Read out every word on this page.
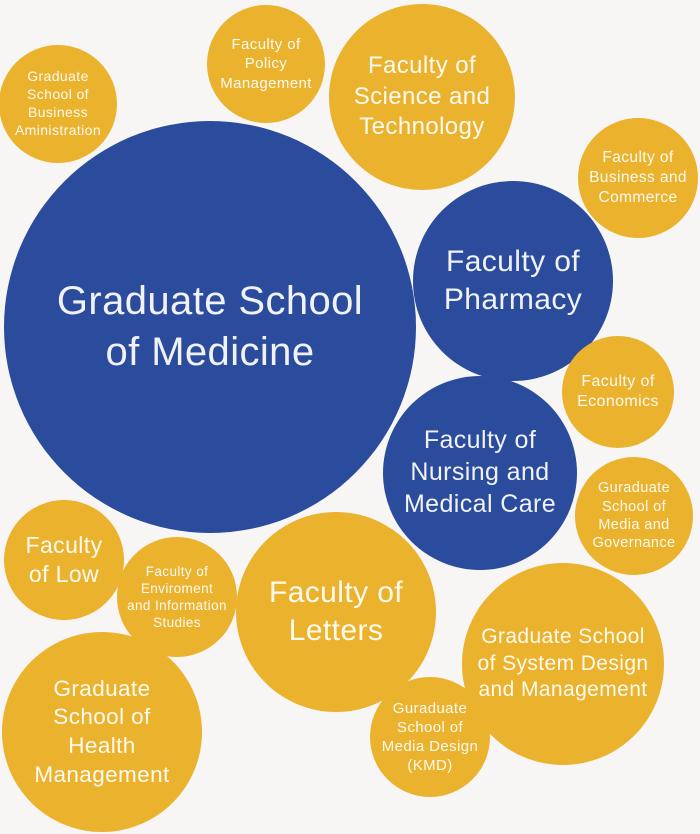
Graduate
School of
Business
Aministration
Faculty of
Policy
Management
Faculty of
Science and
Technology
Faculty of
Business and
Commerce
Graduate School
of Medicine
Faculty of
Pharmacy
Faculty of
Economics
Faculty of
Nursing and
Medical Care
Guraduate
School of
Media and
Governance
Faculty
of Low	Faculty of
Enviroment
and Information
Studies
Faculty of
Letters	Graduate School
of System Design
and Management
Graduate
School of
Health
Management
Guraduate
School of
Media Design
(KMD)
